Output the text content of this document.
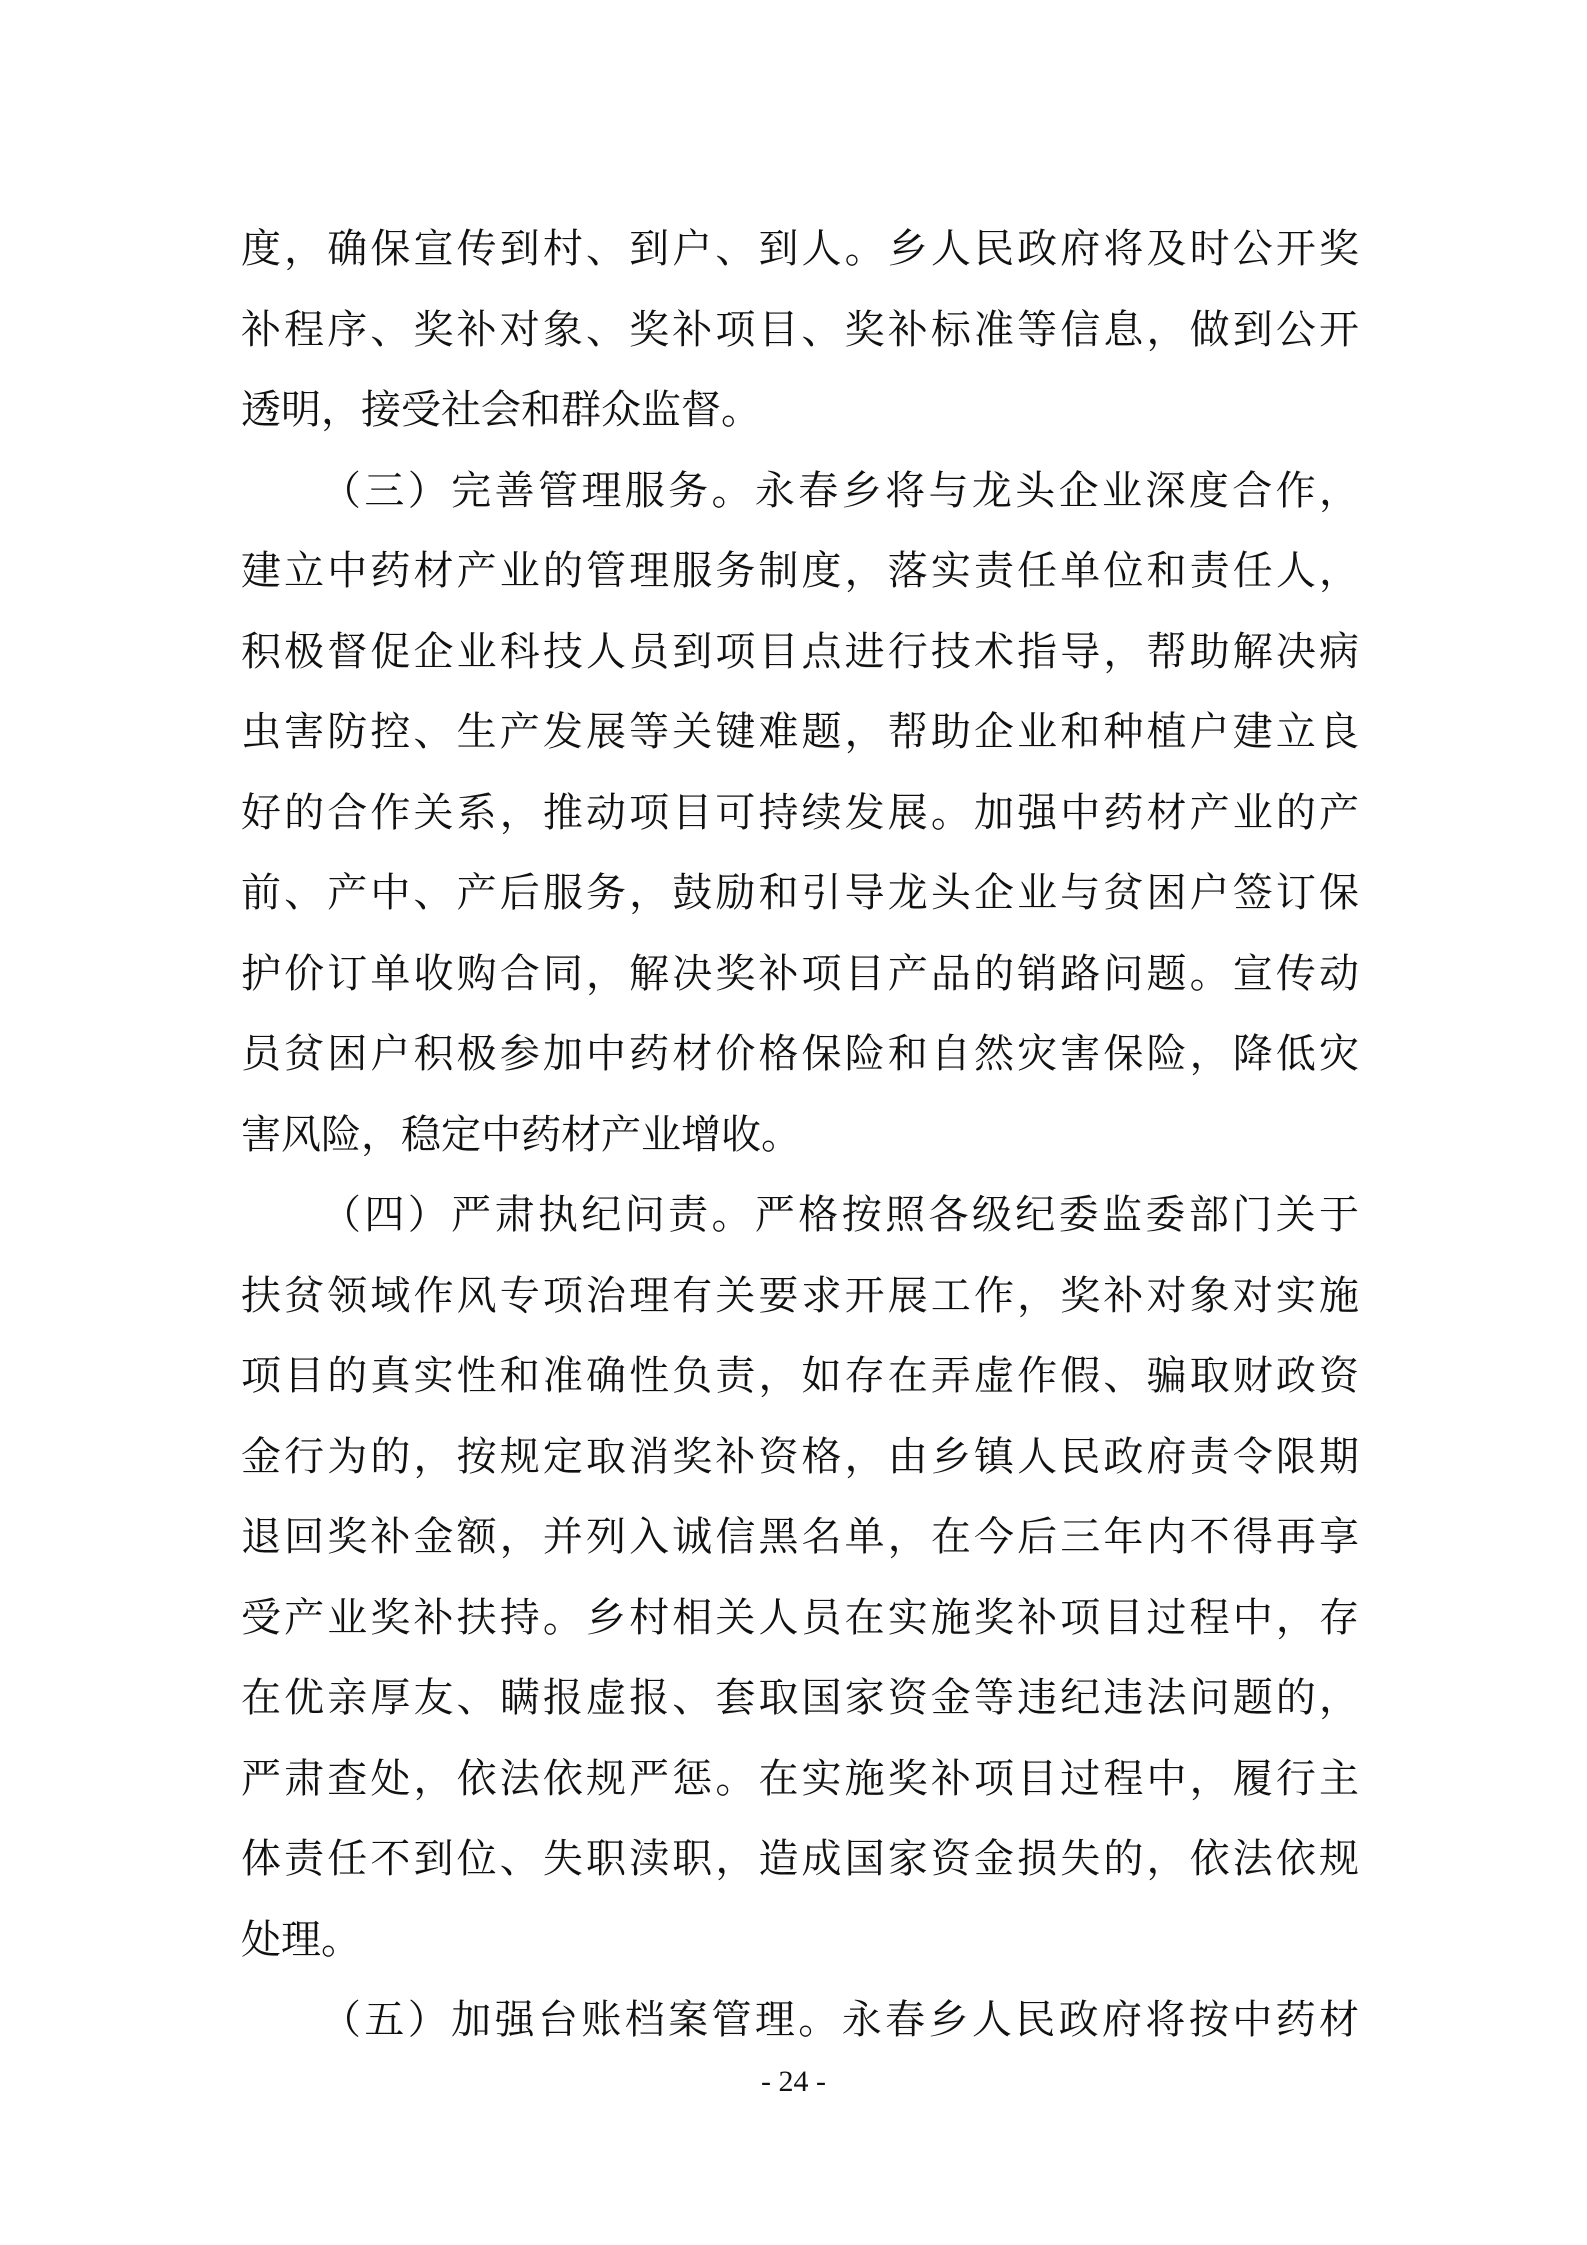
度，确保宣传到村、到户、到人。乡人民政府将及时公开奖
补程序、奖补对象、奖补项目、奖补标准等信息，做到公开
透明，接受社会和群众监督。
（三）完善管理服务。永春乡将与龙头企业深度合作，
建立中药材产业的管理服务制度，落实责任单位和责任人，
积极督促企业科技人员到项目点进行技术指导，帮助解决病
虫害防控、生产发展等关键难题，帮助企业和种植户建立良
好的合作关系，推动项目可持续发展。加强中药材产业的产
前、产中、产后服务，鼓励和引导龙头企业与贫困户签订保
护价订单收购合同，解决奖补项目产品的销路问题。宣传动
员贫困户积极参加中药材价格保险和自然灾害保险，降低灾
害风险，稳定中药材产业增收。
（四）严肃执纪问责。严格按照各级纪委监委部门关于
扶贫领域作风专项治理有关要求开展工作，奖补对象对实施
项目的真实性和准确性负责，如存在弄虚作假、骗取财政资
金行为的，按规定取消奖补资格，由乡镇人民政府责令限期
退回奖补金额，并列入诚信黑名单，在今后三年内不得再享
受产业奖补扶持。乡村相关人员在实施奖补项目过程中，存
在优亲厚友、瞒报虚报、套取国家资金等违纪违法问题的，
严肃查处，依法依规严惩。在实施奖补项目过程中，履行主
体责任不到位、失职渎职，造成国家资金损失的，依法依规
处理。
（五）加强台账档案管理。永春乡人民政府将按中药材
- 24 -
